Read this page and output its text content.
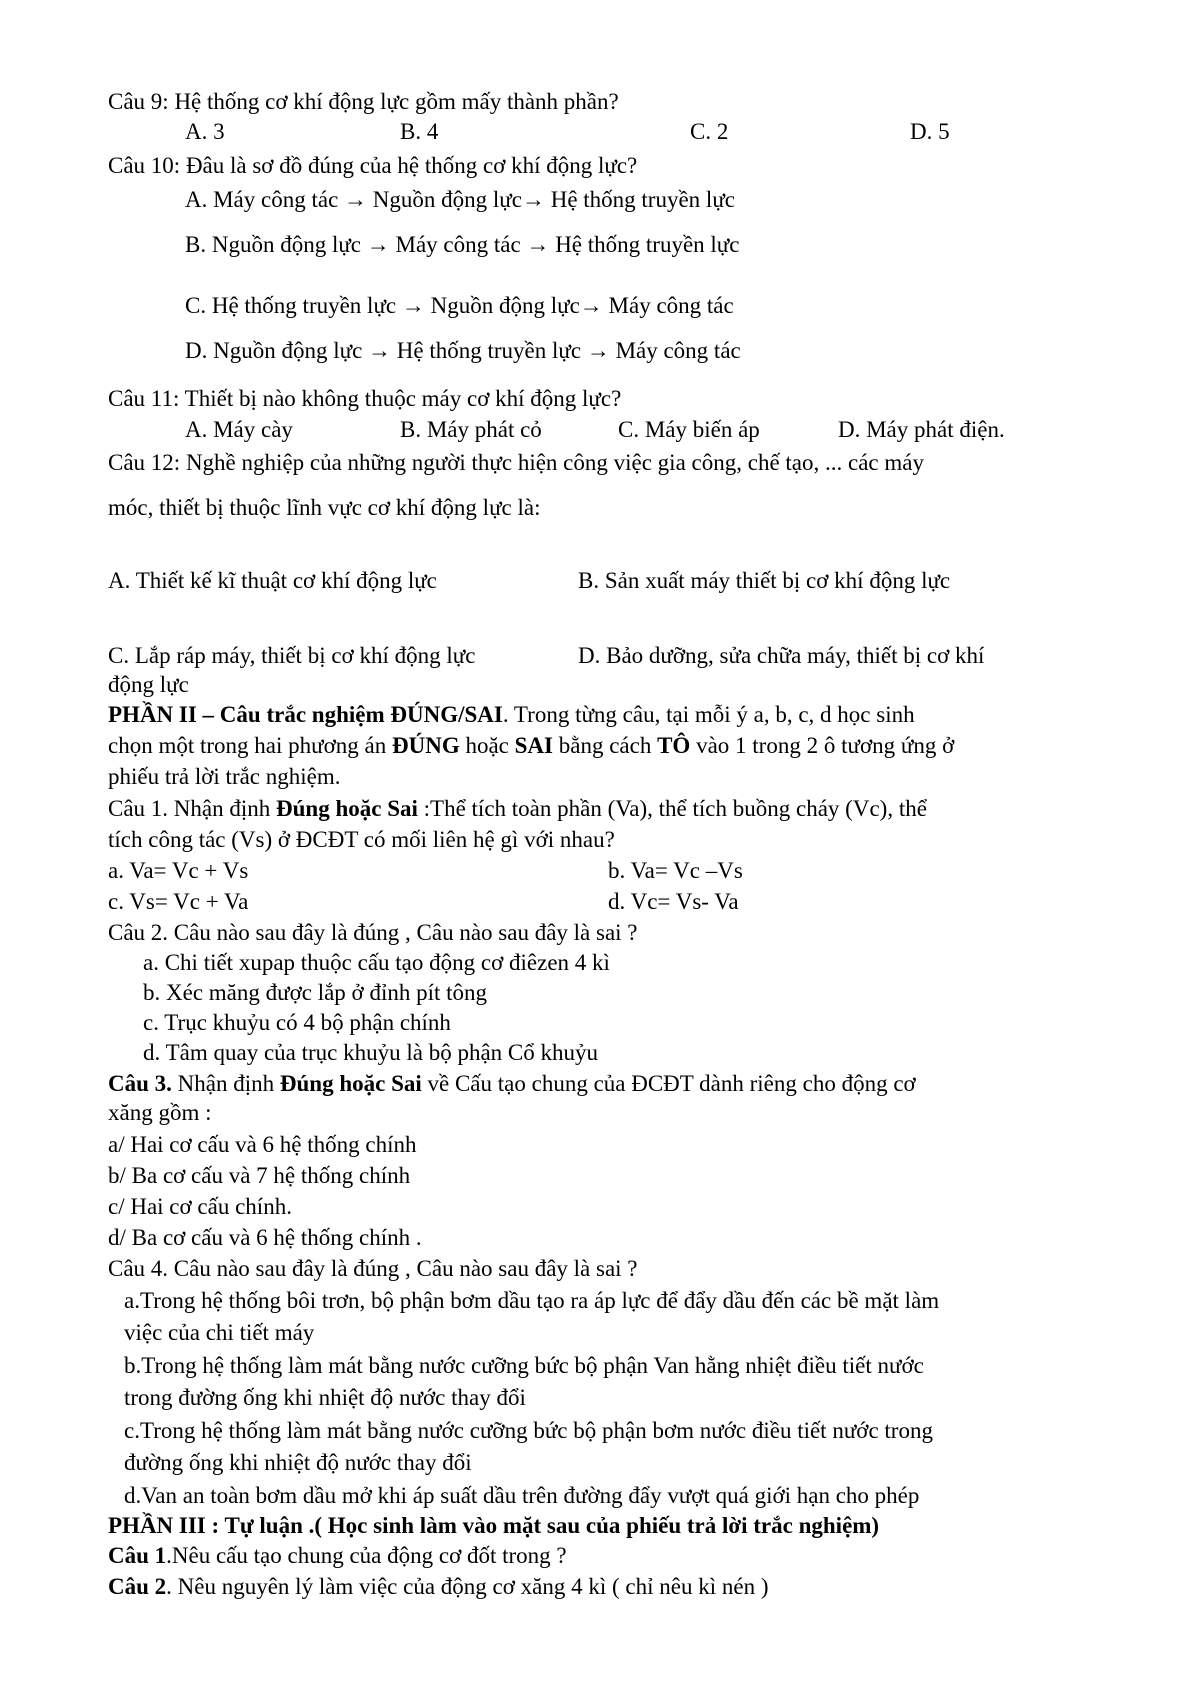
Câu 9: Hệ thống cơ khí động lực gồm mấy thành phần?
A. 3	B. 4	C. 2	D. 5
Câu 10: Đâu là sơ đồ đúng của hệ thống cơ khí động lực?
A. Máy công tác → Nguồn động lực→ Hệ thống truyền lực
B. Nguồn động lực → Máy công tác → Hệ thống truyền lực
C. Hệ thống truyền lực → Nguồn động lực→ Máy công tác
D. Nguồn động lực → Hệ thống truyền lực → Máy công tác
Câu 11: Thiết bị nào không thuộc máy cơ khí động lực?
A. Máy cày	B. Máy phát cỏ	C. Máy biến áp	D. Máy phát điện.
Câu 12: Nghề nghiệp của những người thực hiện công việc gia công, chế tạo, ... các máy
móc, thiết bị thuộc lĩnh vực cơ khí động lực là:
A. Thiết kế kĩ thuật cơ khí động lực	B. Sản xuất máy thiết bị cơ khí động lực
C. Lắp ráp máy, thiết bị cơ khí động lực	D. Bảo dưỡng, sửa chữa máy, thiết bị cơ khí
động lực
PHẦN II – Câu trắc nghiệm ĐÚNG/SAI. Trong từng câu, tại mỗi ý a, b, c, d học sinh
chọn một trong hai phương án ĐÚNG hoặc SAI bằng cách TÔ vào 1 trong 2 ô tương ứng ở
phiếu trả lời trắc nghiệm.
Câu 1. Nhận định Đúng hoặc Sai :Thể tích toàn phần (Va), thể tích buồng cháy (Vc), thể
tích công tác (Vs) ở ĐCĐT có mối liên hệ gì với nhau?
a. Va= Vc + Vs	b. Va= Vc –Vs
c. Vs= Vc + Va	d. Vc= Vs- Va
Câu 2. Câu nào sau đây là đúng , Câu nào sau đây là sai ?
a. Chi tiết xupap thuộc cấu tạo động cơ điêzen 4 kì
b. Xéc măng được lắp ở đỉnh pít tông
c. Trục khuỷu có 4 bộ phận chính
d. Tâm quay của trục khuỷu là bộ phận Cổ khuỷu
Câu 3. Nhận định Đúng hoặc Sai về Cấu tạo chung của ĐCĐT dành riêng cho động cơ
xăng gồm :
a/ Hai cơ cấu và 6 hệ thống chính
b/ Ba cơ cấu và 7 hệ thống chính
c/ Hai cơ cấu chính.
d/ Ba cơ cấu và 6 hệ thống chính .
Câu 4. Câu nào sau đây là đúng , Câu nào sau đây là sai ?
a.Trong hệ thống bôi trơn, bộ phận bơm dầu tạo ra áp lực để đẩy dầu đến các bề mặt làm
việc của chi tiết máy
b.Trong hệ thống làm mát bằng nước cưỡng bức bộ phận Van hằng nhiệt điều tiết nước
trong đường ống khi nhiệt độ nước thay đổi
c.Trong hệ thống làm mát bằng nước cưỡng bức bộ phận bơm nước điều tiết nước trong
đường ống khi nhiệt độ nước thay đổi
d.Van an toàn bơm dầu mở khi áp suất dầu trên đường đẩy vượt quá giới hạn cho phép
PHẦN III : Tự luận .( Học sinh làm vào mặt sau của phiếu trả lời trắc nghiệm)
Câu 1.Nêu cấu tạo chung của động cơ đốt trong ?
Câu 2. Nêu nguyên lý làm việc của động cơ xăng 4 kì ( chỉ nêu kì nén )
